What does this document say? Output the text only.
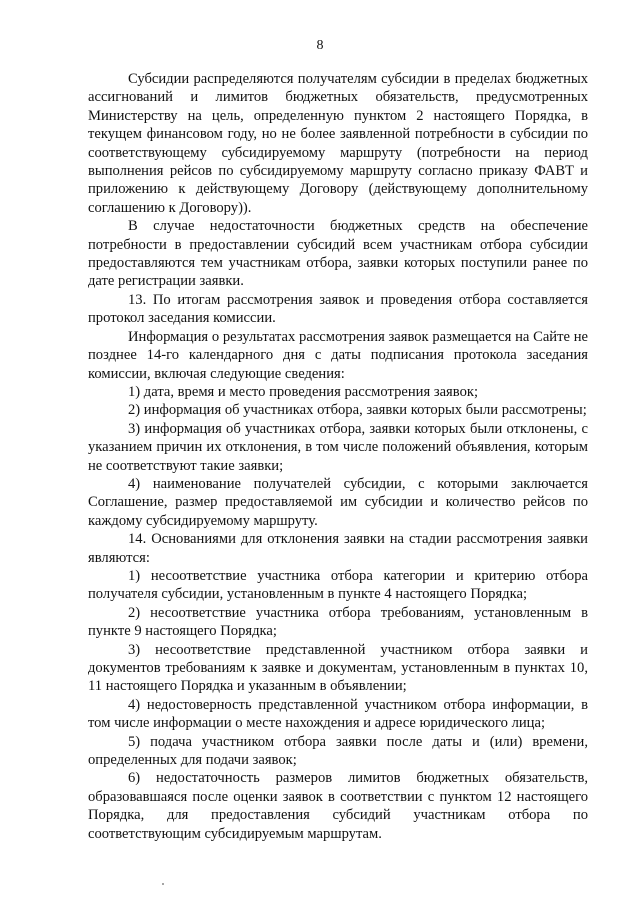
8

Субсидии распределяются получателям субсидии в пределах бюджетных ассигнований и лимитов бюджетных обязательств, предусмотренных Министерству на цель, определенную пунктом 2 настоящего Порядка, в текущем финансовом году, но не более заявленной потребности в субсидии по соответствующему субсидируемому маршруту (потребности на период выполнения рейсов по субсидируемому маршруту согласно приказу ФАВТ и приложению к действующему Договору (действующему дополнительному соглашению к Договору)).

В случае недостаточности бюджетных средств на обеспечение потребности в предоставлении субсидий всем участникам отбора субсидии предоставляются тем участникам отбора, заявки которых поступили ранее по дате регистрации заявки.

13. По итогам рассмотрения заявок и проведения отбора составляется протокол заседания комиссии.

Информация о результатах рассмотрения заявок размещается на Сайте не позднее 14-го календарного дня с даты подписания протокола заседания комиссии, включая следующие сведения:

1) дата, время и место проведения рассмотрения заявок;

2) информация об участниках отбора, заявки которых были рассмотрены;

3) информация об участниках отбора, заявки которых были отклонены, с указанием причин их отклонения, в том числе положений объявления, которым не соответствуют такие заявки;

4) наименование получателей субсидии, с которыми заключается Соглашение, размер предоставляемой им субсидии и количество рейсов по каждому субсидируемому маршруту.

14. Основаниями для отклонения заявки на стадии рассмотрения заявки являются:

1) несоответствие участника отбора категории и критерию отбора получателя субсидии, установленным в пункте 4 настоящего Порядка;

2) несоответствие участника отбора требованиям, установленным в пункте 9 настоящего Порядка;

3) несоответствие представленной участником отбора заявки и документов требованиям к заявке и документам, установленным в пунктах 10, 11 настоящего Порядка и указанным в объявлении;

4) недостоверность представленной участником отбора информации, в том числе информации о месте нахождения и адресе юридического лица;

5) подача участником отбора заявки после даты и (или) времени, определенных для подачи заявок;

6) недостаточность размеров лимитов бюджетных обязательств, образовавшаяся после оценки заявок в соответствии с пунктом 12 настоящего Порядка, для предоставления субсидий участникам отбора по соответствующим субсидируемым маршрутам.
